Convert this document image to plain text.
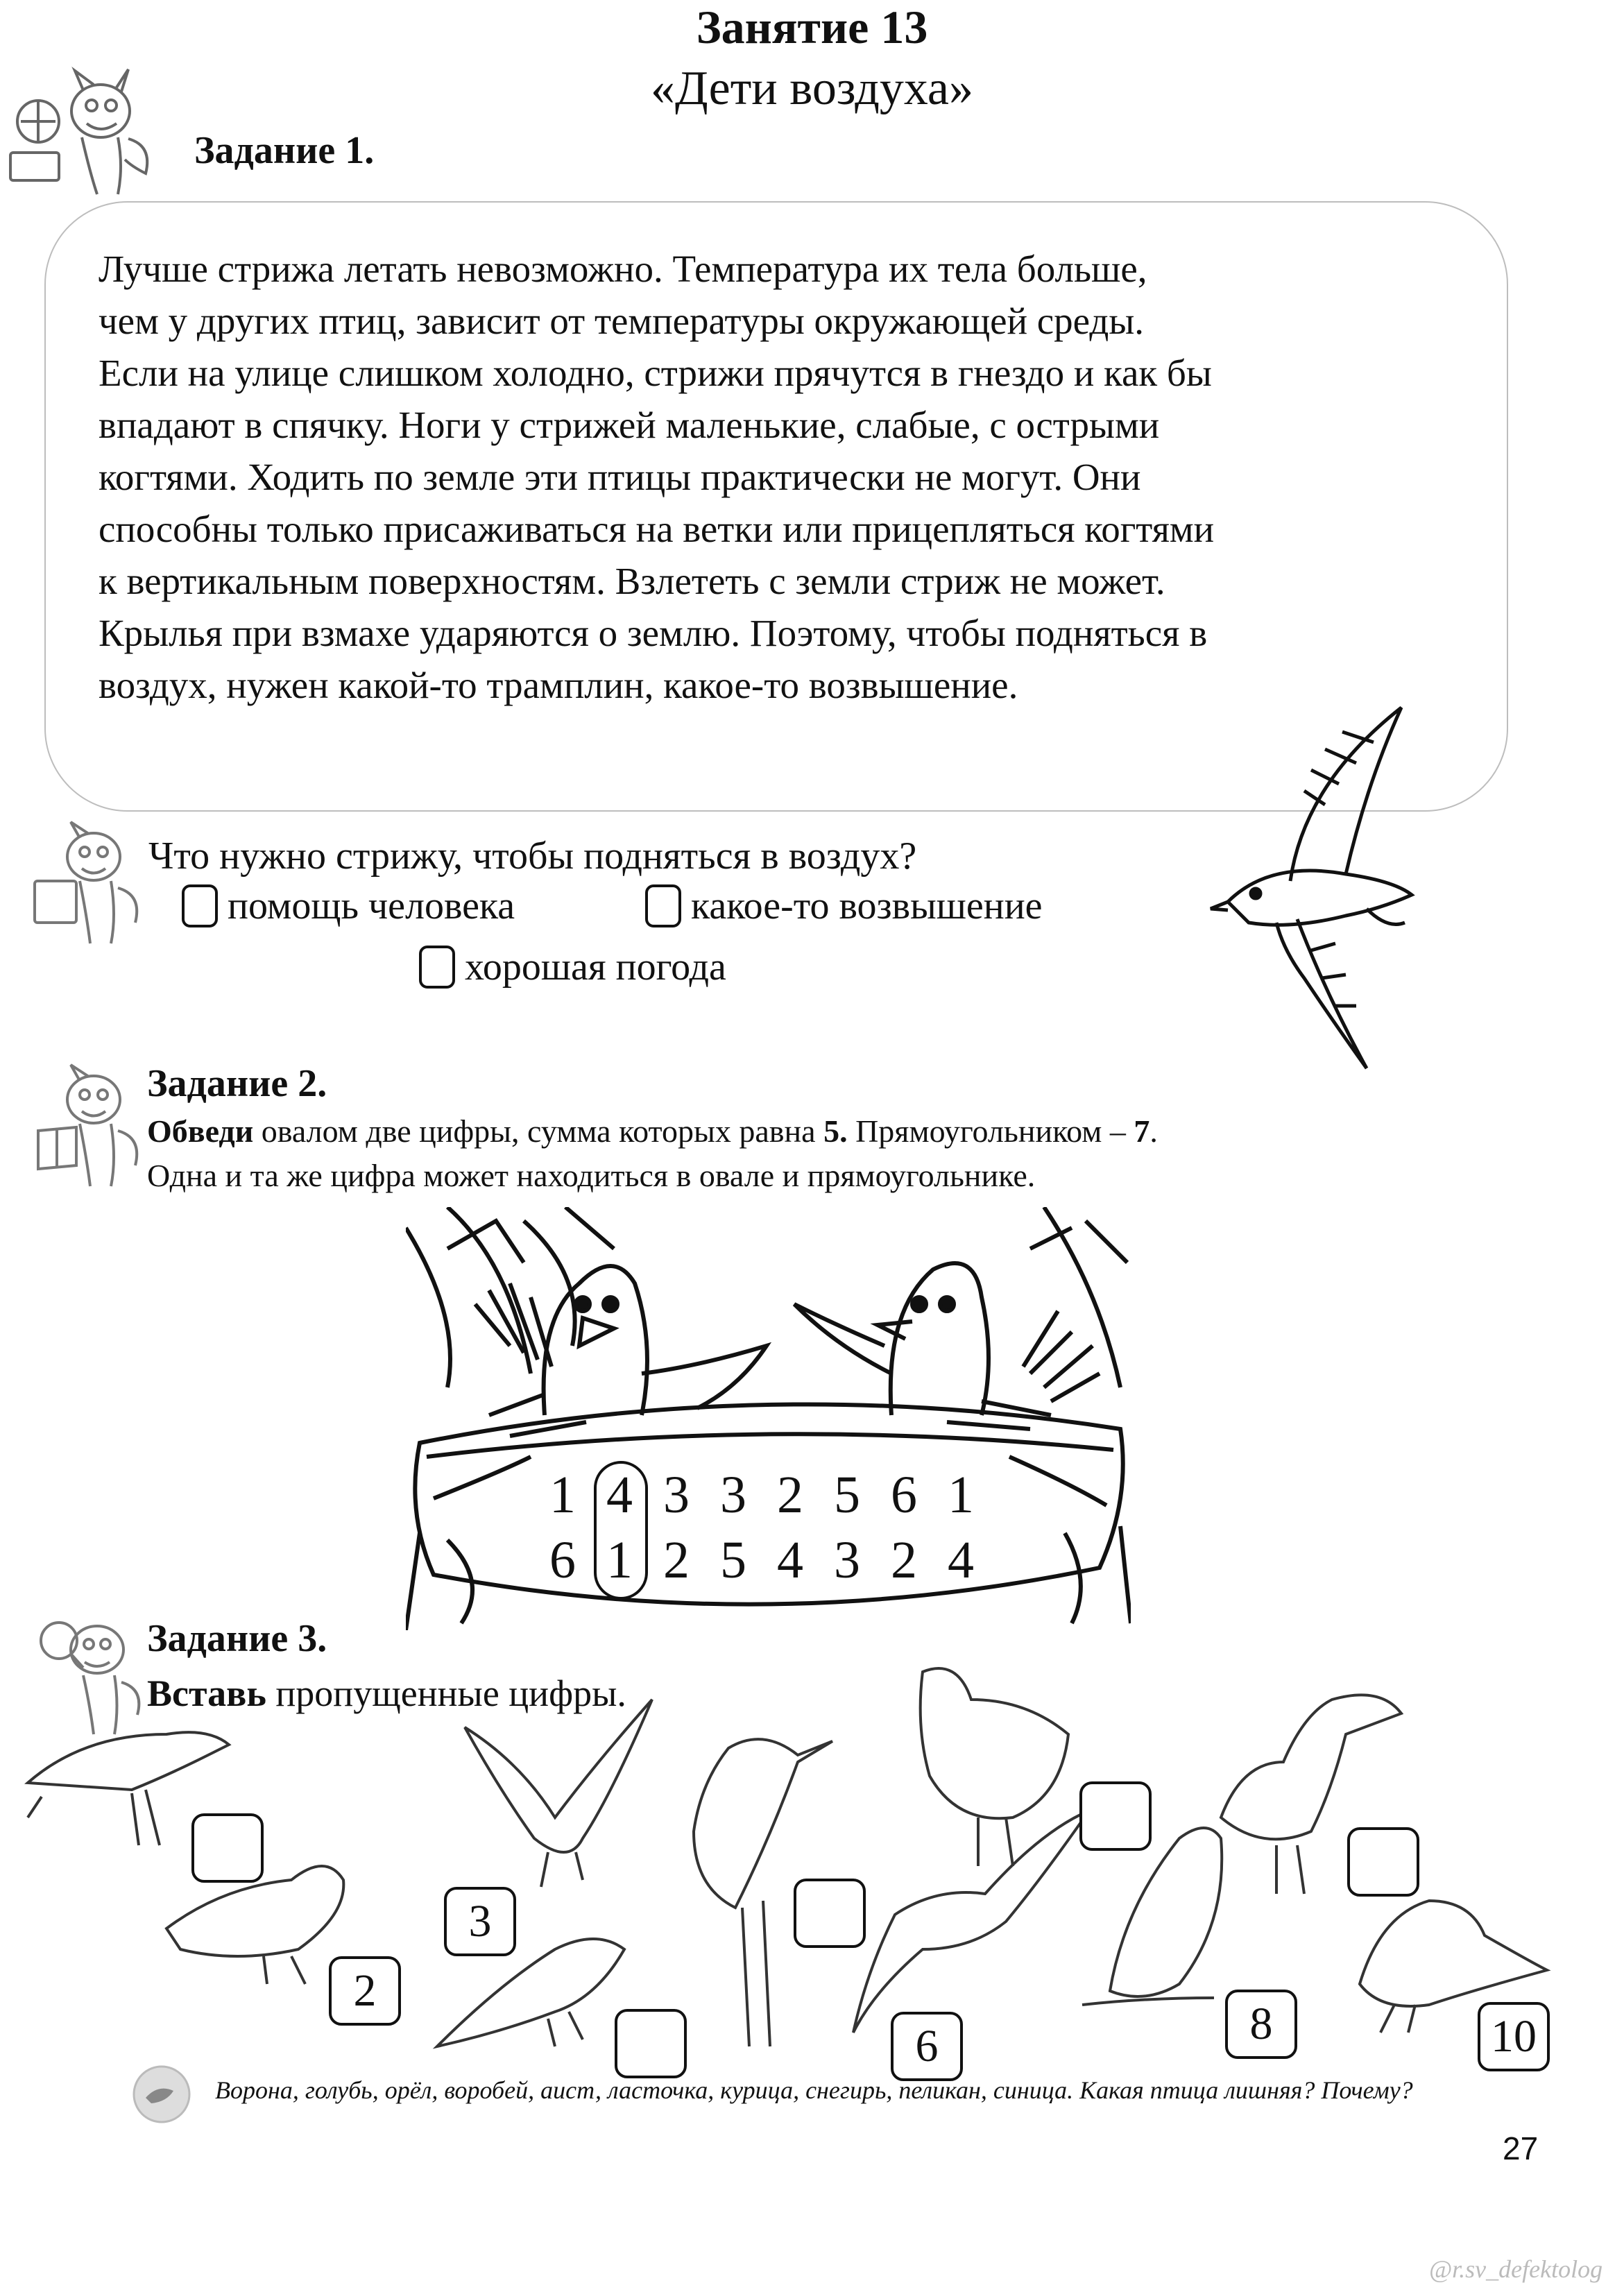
Занятие 13
«Дети воздуха»
Задание 1.
Лучше стрижа летать невозможно. Температура их тела больше,
чем у других птиц, зависит от температуры окружающей среды.
Если на улице слишком холодно, стрижи прячутся в гнездо и как бы
впадают в спячку. Ноги у стрижей маленькие, слабые, с острыми
когтями. Ходить по земле эти птицы практически не могут. Они
способны только присаживаться на ветки или прицепляться когтями
к вертикальным поверхностям. Взлететь с земли стриж не может.
Крылья при взмахе ударяются о землю. Поэтому, чтобы подняться в
воздух, нужен какой-то трамплин, какое-то возвышение.
Что нужно стрижу, чтобы подняться в воздух?
помощь человека	какое-то возвышение
хорошая погода
Задание 2.
Обведи овалом две цифры, сумма которых равна 5. Прямоугольником – 7.
Одна и та же цифра может находиться в овале и прямоугольнике.
1 4 3 3 2 5 6 1
6 1 2 5 4 3 2 4
Задание 3.
Вставь пропущенные цифры.
2
3
6	8	10
Ворона, голубь, орёл, воробей, аист, ласточка, курица, снегирь, пеликан, синица. Какая птица лишняя? Почему?
27
@r.sv_defektolog
